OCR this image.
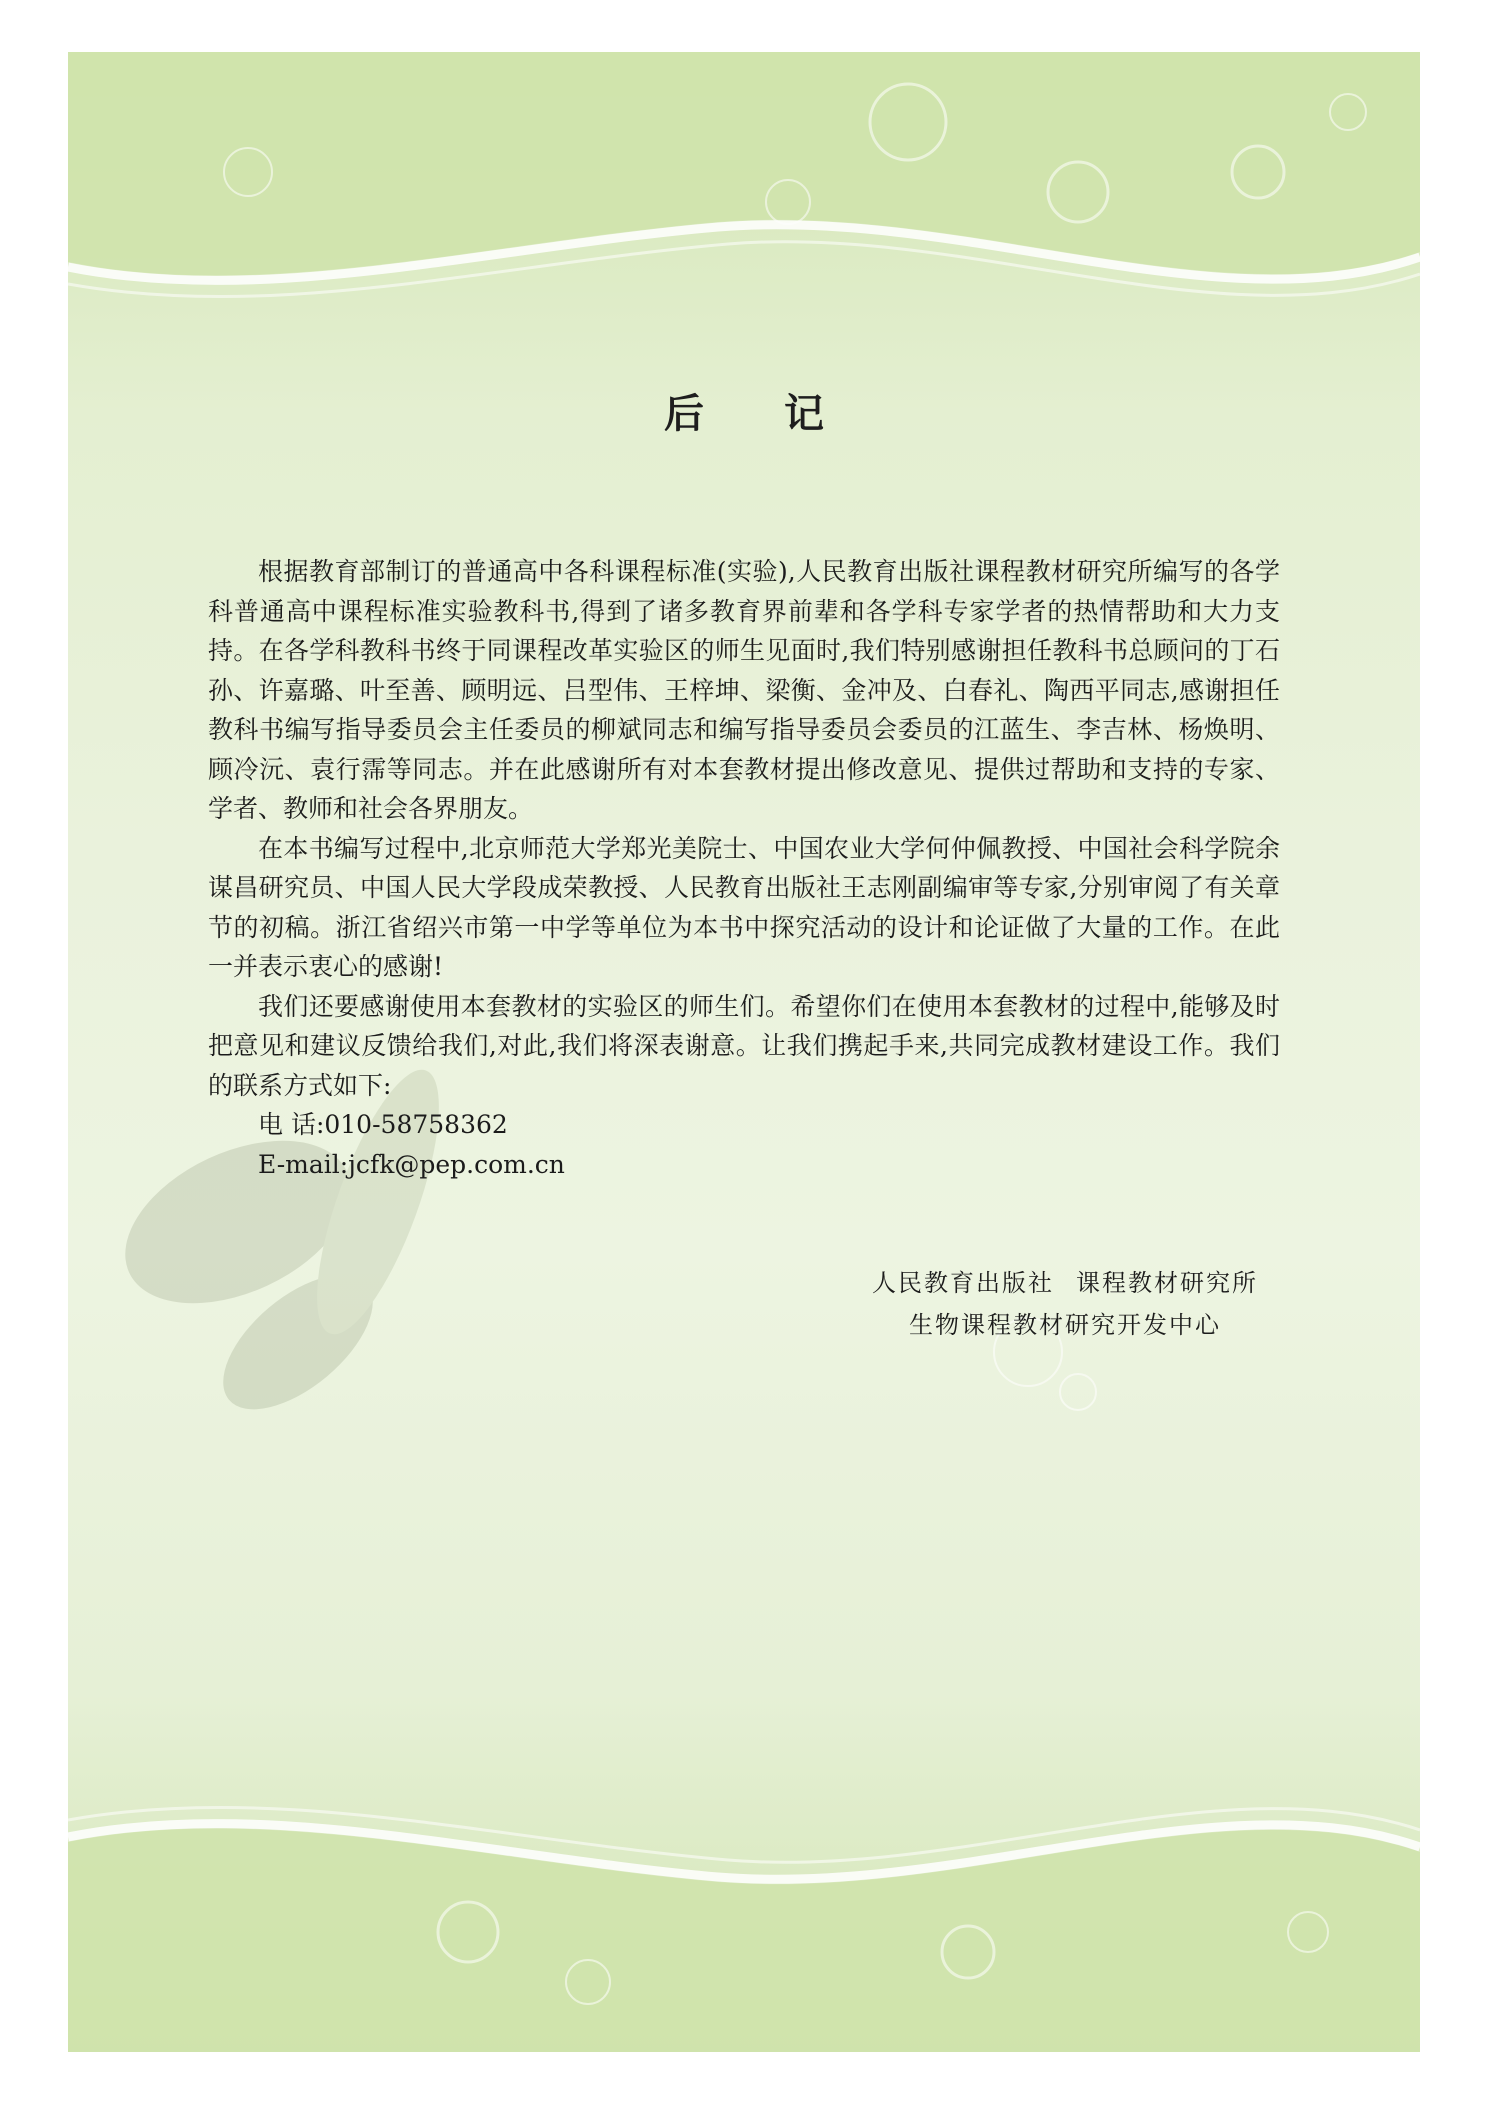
后 记

根据教育部制订的普通高中各科课程标准(实验),人民教育出版社课程教材研究所编写的各学科普通高中课程标准实验教科书,得到了诸多教育界前辈和各学科专家学者的热情帮助和大力支持。在各学科教科书终于同课程改革实验区的师生见面时,我们特别感谢担任教科书总顾问的丁石孙、许嘉璐、叶至善、顾明远、吕型伟、王梓坤、梁衡、金冲及、白春礼、陶西平同志,感谢担任教科书编写指导委员会主任委员的柳斌同志和编写指导委员会委员的江蓝生、李吉林、杨焕明、顾冷沅、袁行霈等同志。并在此感谢所有对本套教材提出修改意见、提供过帮助和支持的专家、学者、教师和社会各界朋友。

在本书编写过程中,北京师范大学郑光美院士、中国农业大学何仲佩教授、中国社会科学院余谋昌研究员、中国人民大学段成荣教授、人民教育出版社王志刚副编审等专家,分别审阅了有关章节的初稿。浙江省绍兴市第一中学等单位为本书中探究活动的设计和论证做了大量的工作。在此一并表示衷心的感谢!

我们还要感谢使用本套教材的实验区的师生们。希望你们在使用本套教材的过程中,能够及时把意见和建议反馈给我们,对此,我们将深表谢意。让我们携起手来,共同完成教材建设工作。我们的联系方式如下:

电 话:010-58758362
E-mail:jcfk@pep.com.cn
人民教育出版社 课程教材研究所
生物课程教材研究开发中心
